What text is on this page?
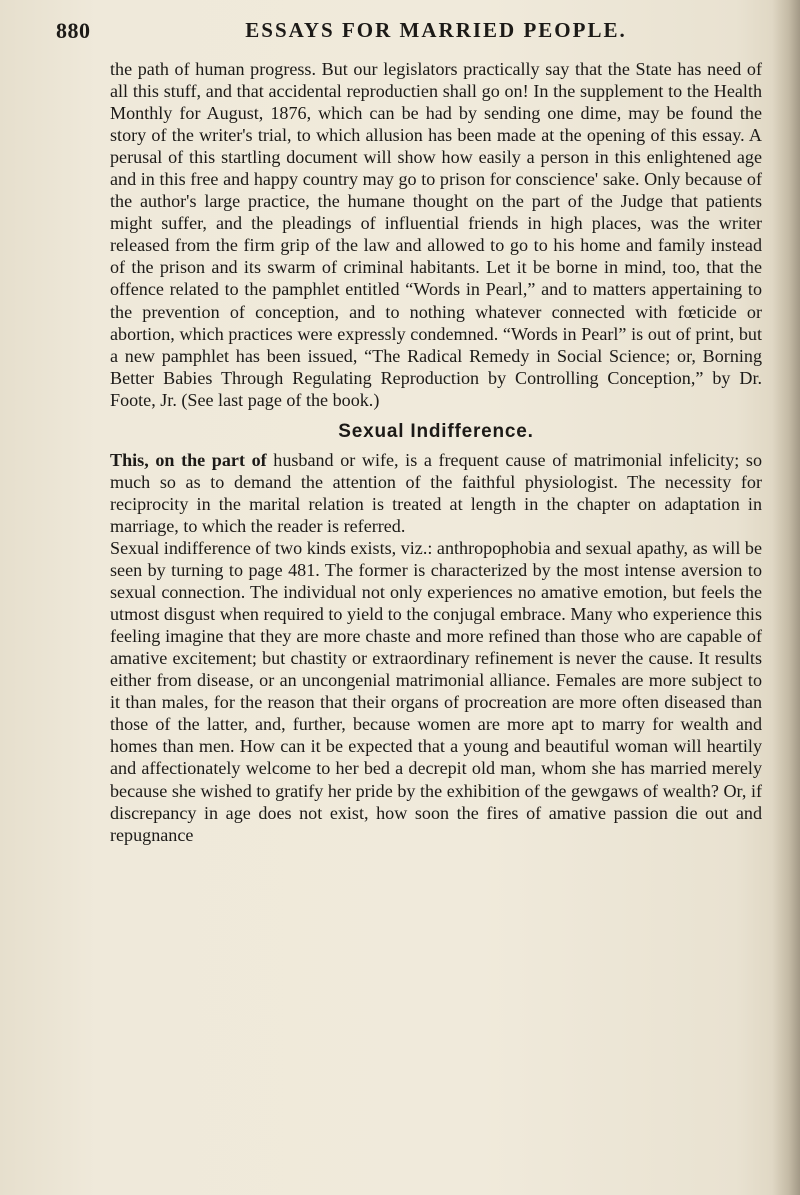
880	ESSAYS FOR MARRIED PEOPLE.

the path of human progress. But our legislators practically say that the State has need of all this stuff, and that accidental reproductien shall go on! In the supplement to the Health Monthly for August, 1876, which can be had by sending one dime, may be found the story of the writer's trial, to which allusion has been made at the opening of this essay. A perusal of this startling document will show how easily a person in this enlightened age and in this free and happy country may go to prison for conscience' sake. Only because of the author's large practice, the humane thought on the part of the Judge that patients might suffer, and the pleadings of influential friends in high places, was the writer released from the firm grip of the law and allowed to go to his home and family instead of the prison and its swarm of criminal habitants. Let it be borne in mind, too, that the offence related to the pamphlet entitled “Words in Pearl,” and to matters appertaining to the prevention of conception, and to nothing whatever connected with fœticide or abortion, which practices were expressly condemned. “Words in Pearl” is out of print, but a new pamphlet has been issued, “The Radical Remedy in Social Science; or, Borning Better Babies Through Regulating Reproduction by Controlling Conception,” by Dr. Foote, Jr. (See last page of the book.)

Sexual Indifference.

This, on the part of husband or wife, is a frequent cause of matrimonial infelicity; so much so as to demand the attention of the faithful physiologist. The necessity for reciprocity in the marital relation is treated at length in the chapter on adaptation in marriage, to which the reader is referred.

Sexual indifference of two kinds exists, viz.: anthropophobia and sexual apathy, as will be seen by turning to page 481. The former is characterized by the most intense aversion to sexual connection. The individual not only experiences no amative emotion, but feels the utmost disgust when required to yield to the conjugal embrace. Many who experience this feeling imagine that they are more chaste and more refined than those who are capable of amative excitement; but chastity or extraordinary refinement is never the cause. It results either from disease, or an uncongenial matrimonial alliance. Females are more subject to it than males, for the reason that their organs of procreation are more often diseased than those of the latter, and, further, because women are more apt to marry for wealth and homes than men. How can it be expected that a young and beautiful woman will heartily and affectionately welcome to her bed a decrepit old man, whom she has married merely because she wished to gratify her pride by the exhibition of the gewgaws of wealth? Or, if discrepancy in age does not exist, how soon the fires of amative passion die out and repugnance
